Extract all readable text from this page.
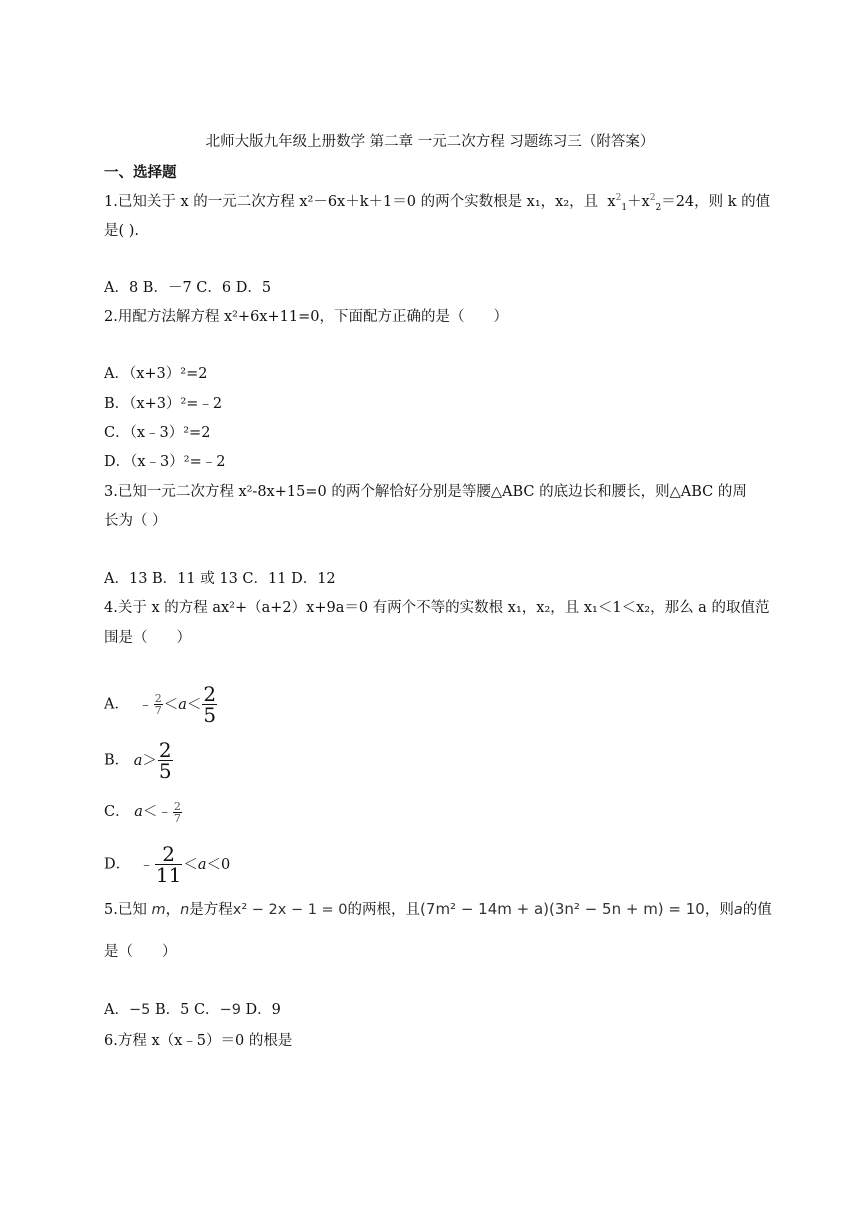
北师大版九年级上册数学 第二章 一元二次方程 习题练习三（附答案）
一、选择题
1.已知关于 x 的一元二次方程 x²－6x＋k＋1＝0 的两个实数根是 x₁，x₂，且  $x^2_1+x^2_2=24$，则 k 的值
是( ).
A．8 B．－7 C．6 D．5
2.用配方法解方程 x²+6x+11=0，下面配方正确的是（　　）
A．（x+3）²=2
B．（x+3）²=﹣2
C．（x﹣3）²=2
D．（x﹣3）²=﹣2
3.已知一元二次方程 x²-8x+15=0 的两个解恰好分别是等腰△ABC 的底边长和腰长，则△ABC 的周
长为（ ）
A．13 B．11 或 13 C．11 D．12
4.关于 x 的方程 ax²+（a+2）x+9a＝0 有两个不等的实数根 x₁，x₂，且 x₁＜1＜x₂，那么 a 的取值范
围是（　　）
A．  ﹣ $\frac{2}{7} <a< \frac{2}{5}$
B． $a> \frac{2}{5}$
C． a＜﹣ $\frac{2}{7}$
D．  ﹣ $\frac{2}{11} <a<0$
5.已知 m，n是方程x² − 2x − 1 = 0的两根，且(7m² − 14m + a)(3n² − 5n + m) = 10，则a的值
是（　　）
A．−5 B．5 C．−9 D．9
6.方程 x（x﹣5）＝0 的根是
